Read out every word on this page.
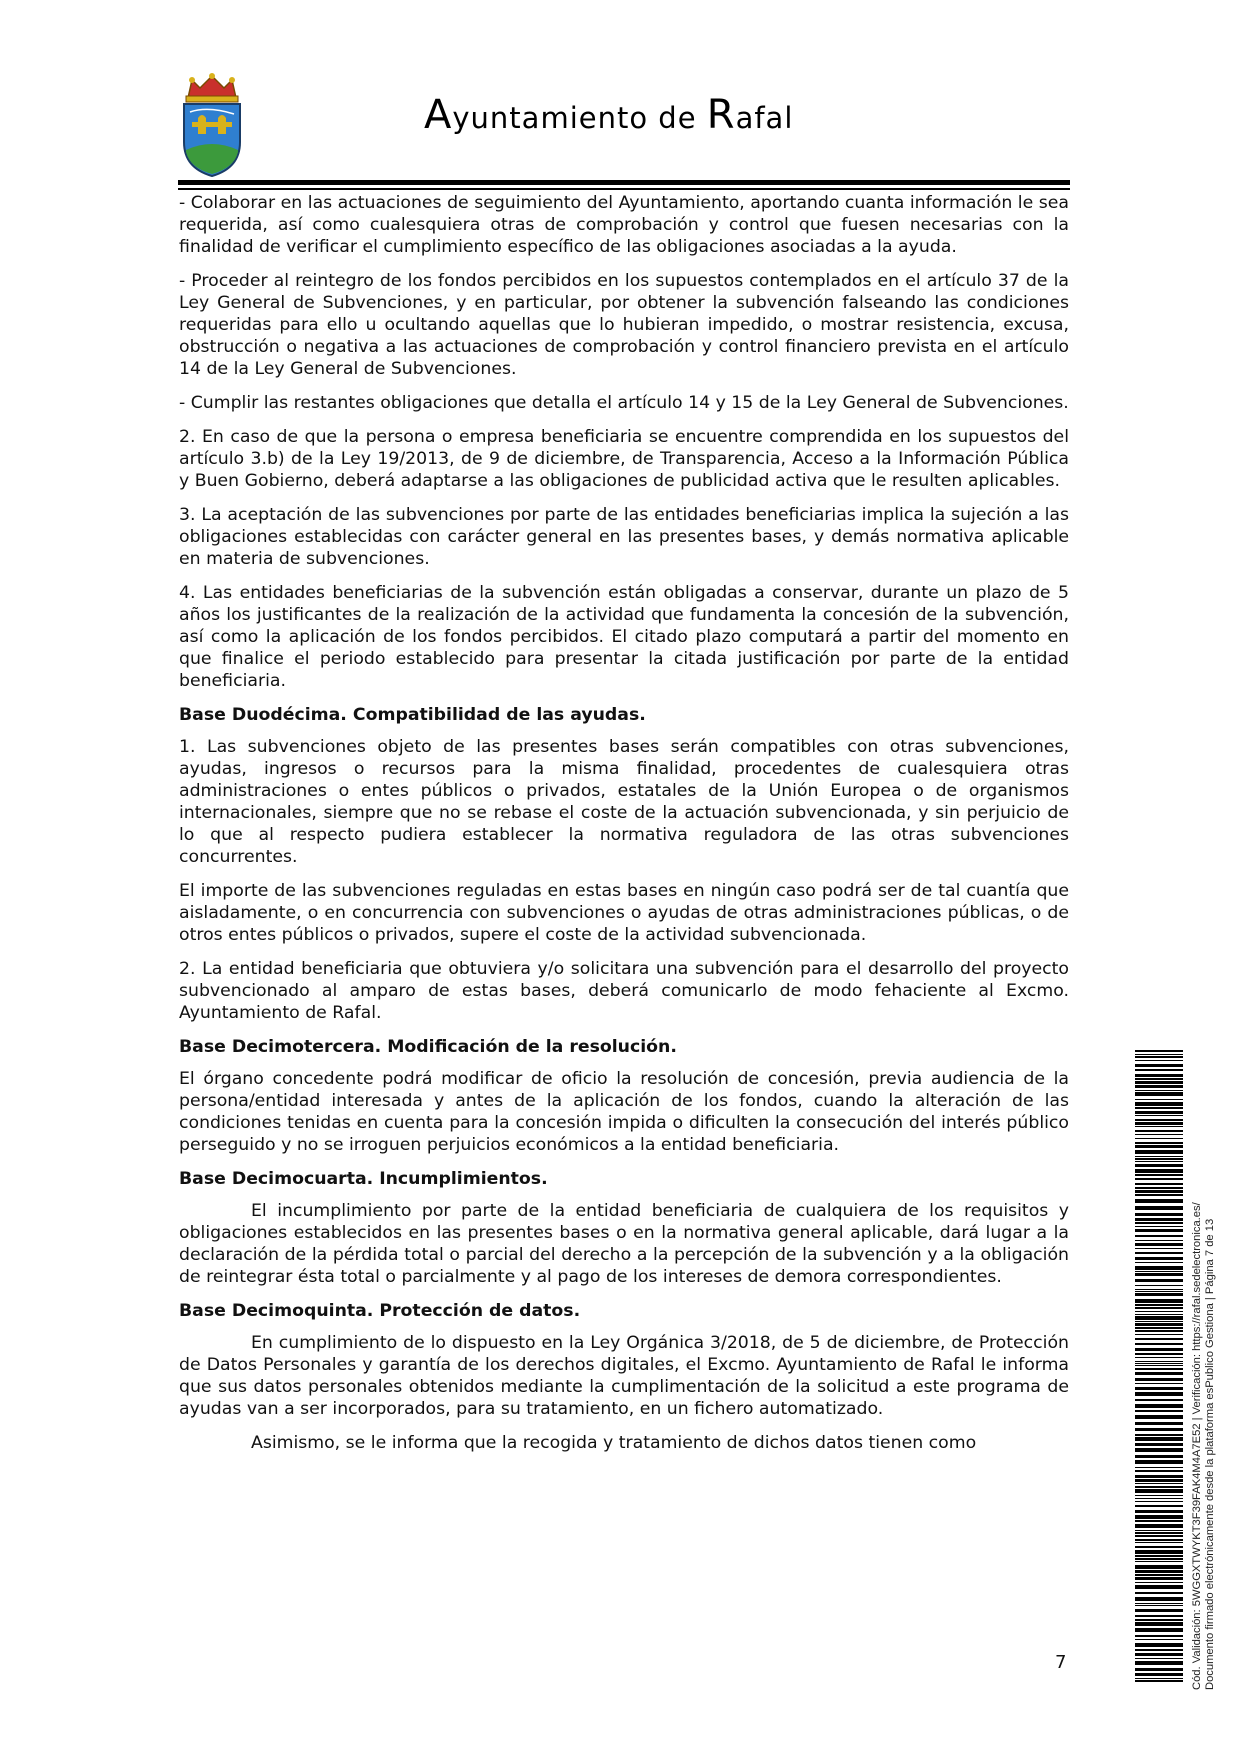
Ayuntamiento de Rafal

- Colaborar en las actuaciones de seguimiento del Ayuntamiento, aportando cuanta información le sea requerida, así como cualesquiera otras de comprobación y control que fuesen necesarias con la finalidad de verificar el cumplimiento específico de las obligaciones asociadas a la ayuda.

- Proceder al reintegro de los fondos percibidos en los supuestos contemplados en el artículo 37 de la Ley General de Subvenciones, y en particular, por obtener la subvención falseando las condiciones requeridas para ello u ocultando aquellas que lo hubieran impedido, o mostrar resistencia, excusa, obstrucción o negativa a las actuaciones de comprobación y control financiero prevista en el artículo 14 de la Ley General de Subvenciones.

- Cumplir las restantes obligaciones que detalla el artículo 14 y 15 de la Ley General de Subvenciones.

2. En caso de que la persona o empresa beneficiaria se encuentre comprendida en los supuestos del artículo 3.b) de la Ley 19/2013, de 9 de diciembre, de Transparencia, Acceso a la Información Pública y Buen Gobierno, deberá adaptarse a las obligaciones de publicidad activa que le resulten aplicables.

3. La aceptación de las subvenciones por parte de las entidades beneficiarias implica la sujeción a las obligaciones establecidas con carácter general en las presentes bases, y demás normativa aplicable en materia de subvenciones.

4. Las entidades beneficiarias de la subvención están obligadas a conservar, durante un plazo de 5 años los justificantes de la realización de la actividad que fundamenta la concesión de la subvención, así como la aplicación de los fondos percibidos. El citado plazo computará a partir del momento en que finalice el periodo establecido para presentar la citada justificación por parte de la entidad beneficiaria.

Base Duodécima. Compatibilidad de las ayudas.

1. Las subvenciones objeto de las presentes bases serán compatibles con otras subvenciones, ayudas, ingresos o recursos para la misma finalidad, procedentes de cualesquiera otras administraciones o entes públicos o privados, estatales de la Unión Europea o de organismos internacionales, siempre que no se rebase el coste de la actuación subvencionada, y sin perjuicio de lo que al respecto pudiera establecer la normativa reguladora de las otras subvenciones concurrentes.

El importe de las subvenciones reguladas en estas bases en ningún caso podrá ser de tal cuantía que aisladamente, o en concurrencia con subvenciones o ayudas de otras administraciones públicas, o de otros entes públicos o privados, supere el coste de la actividad subvencionada.

2. La entidad beneficiaria que obtuviera y/o solicitara una subvención para el desarrollo del proyecto subvencionado al amparo de estas bases, deberá comunicarlo de modo fehaciente al Excmo. Ayuntamiento de Rafal.

Base Decimotercera. Modificación de la resolución.

El órgano concedente podrá modificar de oficio la resolución de concesión, previa audiencia de la persona/entidad interesada y antes de la aplicación de los fondos, cuando la alteración de las condiciones tenidas en cuenta para la concesión impida o dificulten la consecución del interés público perseguido y no se irroguen perjuicios económicos a la entidad beneficiaria.

Base Decimocuarta. Incumplimientos.

El incumplimiento por parte de la entidad beneficiaria de cualquiera de los requisitos y obligaciones establecidos en las presentes bases o en la normativa general aplicable, dará lugar a la declaración de la pérdida total o parcial del derecho a la percepción de la subvención y a la obligación de reintegrar ésta total o parcialmente y al pago de los intereses de demora correspondientes.

Base Decimoquinta. Protección de datos.

En cumplimiento de lo dispuesto en la Ley Orgánica 3/2018, de 5 de diciembre, de Protección de Datos Personales y garantía de los derechos digitales, el Excmo. Ayuntamiento de Rafal le informa que sus datos personales obtenidos mediante la cumplimentación de la solicitud a este programa de ayudas van a ser incorporados, para su tratamiento, en un fichero automatizado.

Asimismo, se le informa que la recogida y tratamiento de dichos datos tienen como

7	Cód. Validación: 5WGGXTWYKT3F39FAK4M4A7E52 | Verificación: https://rafal.sedelectronica.es/ Documento firmado electrónicamente desde la plataforma esPublico Gestiona | Página 7 de 13
